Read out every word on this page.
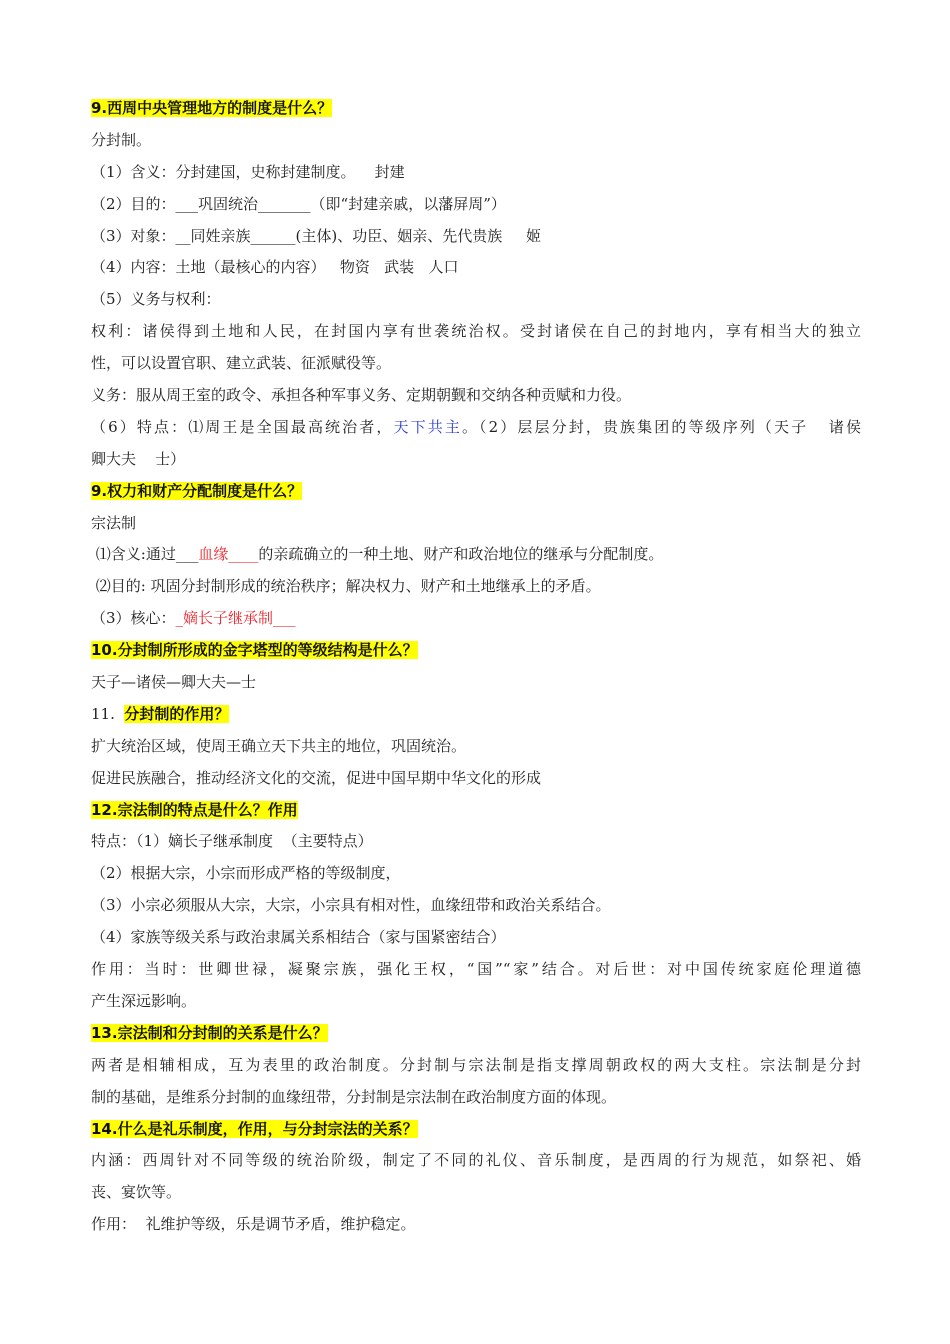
9.西周中央管理地方的制度是什么？
分封制。
（1）含义：分封建国，史称封建制度。    封建
（2）目的：___巩固统治_______（即“封建亲戚，以藩屏周”）
（3）对象：__同姓亲族______(主体)、功臣、姻亲、先代贵族     姬
（4）内容：土地（最核心的内容）   物资   武装   人口
（5）义务与权利：
权利：诸侯得到土地和人民，在封国内享有世袭统治权。受封诸侯在自己的封地内，享有相当大的独立
性，可以设置官职、建立武装、征派赋役等。
义务：服从周王室的政令、承担各种军事义务、定期朝觐和交纳各种贡赋和力役。
（6）特点：⑴周王是全国最高统治者，天下共主。（2）层层分封，贵族集团的等级序列（天子   诸侯
卿大夫    士）
9.权力和财产分配制度是什么？
宗法制
⑴含义:通过___血缘____的亲疏确立的一种土地、财产和政治地位的继承与分配制度。
⑵目的: 巩固分封制形成的统治秩序；解决权力、财产和土地继承上的矛盾。
（3）核心：_嫡长子继承制___
10.分封制所形成的金字塔型的等级结构是什么？
天子—诸侯—卿大夫—士
11.  分封制的作用？
扩大统治区域，使周王确立天下共主的地位，巩固统治。
促进民族融合，推动经济文化的交流，促进中国早期中华文化的形成
12.宗法制的特点是什么？作用
特点：（1）嫡长子继承制度  （主要特点）
（2）根据大宗，小宗而形成严格的等级制度，
（3）小宗必须服从大宗，大宗，小宗具有相对性，血缘纽带和政治关系结合。
（4）家族等级关系与政治隶属关系相结合（家与国紧密结合）
作用：当时：世卿世禄，凝聚宗族，强化王权，“国”“家”结合。对后世：对中国传统家庭伦理道德
产生深远影响。
13.宗法制和分封制的关系是什么？
两者是相辅相成，互为表里的政治制度。分封制与宗法制是指支撑周朝政权的两大支柱。宗法制是分封
制的基础，是维系分封制的血缘纽带，分封制是宗法制在政治制度方面的体现。
14.什么是礼乐制度，作用，与分封宗法的关系？
内涵：西周针对不同等级的统治阶级，制定了不同的礼仪、音乐制度，是西周的行为规范，如祭祀、婚
丧、宴饮等。
作用：  礼维护等级，乐是调节矛盾，维护稳定。
